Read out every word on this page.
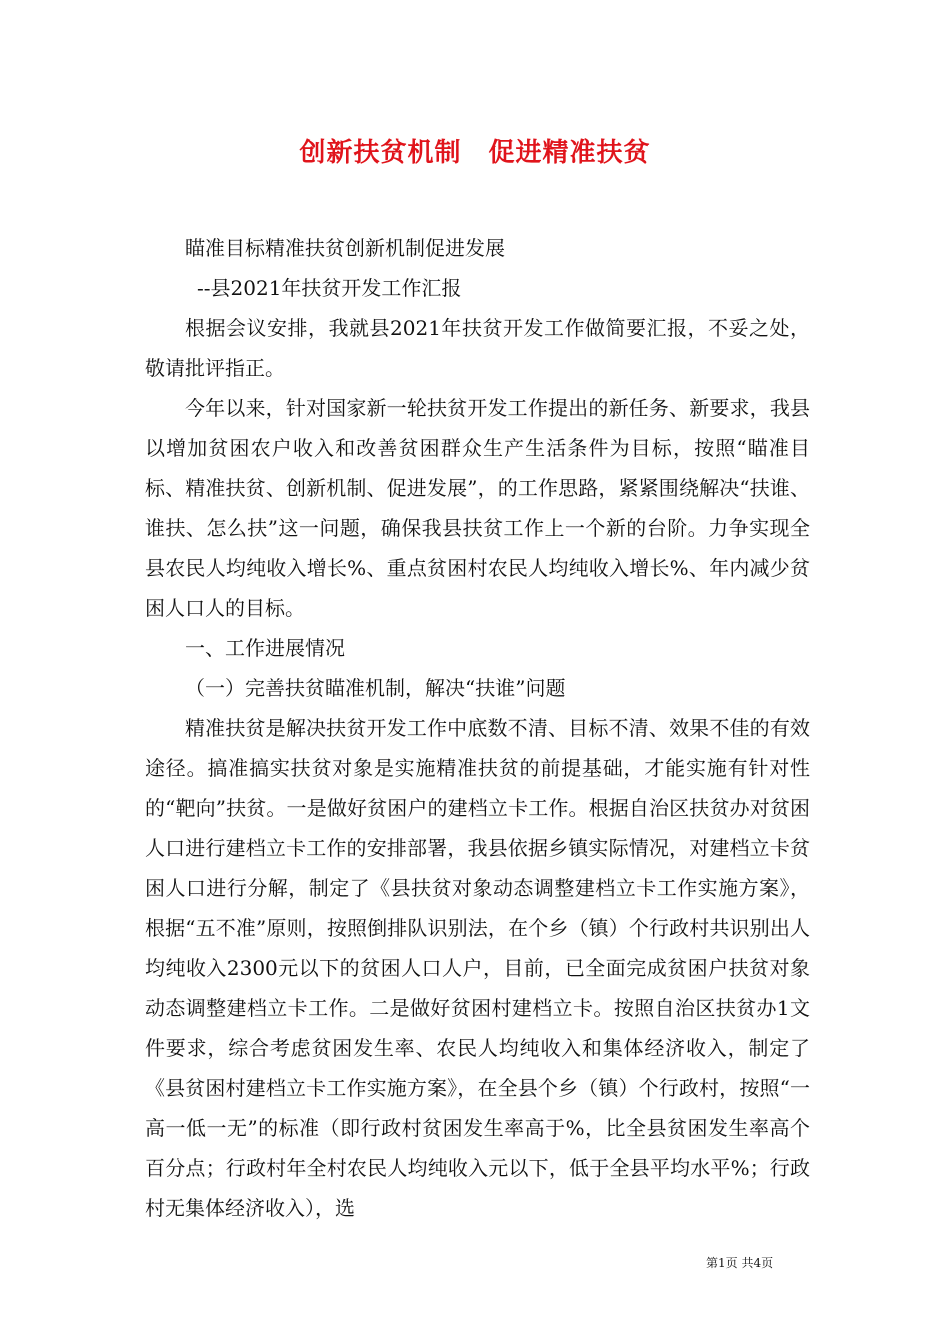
创新扶贫机制　促进精准扶贫

瞄准目标精准扶贫创新机制促进发展

--县2021年扶贫开发工作汇报

根据会议安排，我就县2021年扶贫开发工作做简要汇报，不妥之处，敬请批评指正。

今年以来，针对国家新一轮扶贫开发工作提出的新任务、新要求，我县以增加贫困农户收入和改善贫困群众生产生活条件为目标，按照“瞄准目标、精准扶贫、创新机制、促进发展”，的工作思路，紧紧围绕解决“扶谁、谁扶、怎么扶”这一问题，确保我县扶贫工作上一个新的台阶。力争实现全县农民人均纯收入增长%、重点贫困村农民人均纯收入增长%、年内减少贫困人口人的目标。

一、工作进展情况

（一）完善扶贫瞄准机制，解决“扶谁”问题

精准扶贫是解决扶贫开发工作中底数不清、目标不清、效果不佳的有效途径。搞准搞实扶贫对象是实施精准扶贫的前提基础，才能实施有针对性的“靶向”扶贫。一是做好贫困户的建档立卡工作。根据自治区扶贫办对贫困人口进行建档立卡工作的安排部署，我县依据乡镇实际情况，对建档立卡贫困人口进行分解，制定了《县扶贫对象动态调整建档立卡工作实施方案》，根据“五不准”原则，按照倒排队识别法，在个乡（镇）个行政村共识别出人均纯收入2300元以下的贫困人口人户，目前，已全面完成贫困户扶贫对象动态调整建档立卡工作。二是做好贫困村建档立卡。按照自治区扶贫办1文件要求，综合考虑贫困发生率、农民人均纯收入和集体经济收入，制定了《县贫困村建档立卡工作实施方案》，在全县个乡（镇）个行政村，按照“一高一低一无”的标准（即行政村贫困发生率高于%，比全县贫困发生率高个百分点；行政村年全村农民人均纯收入元以下，低于全县平均水平%；行政村无集体经济收入），选

第1页 共4页
